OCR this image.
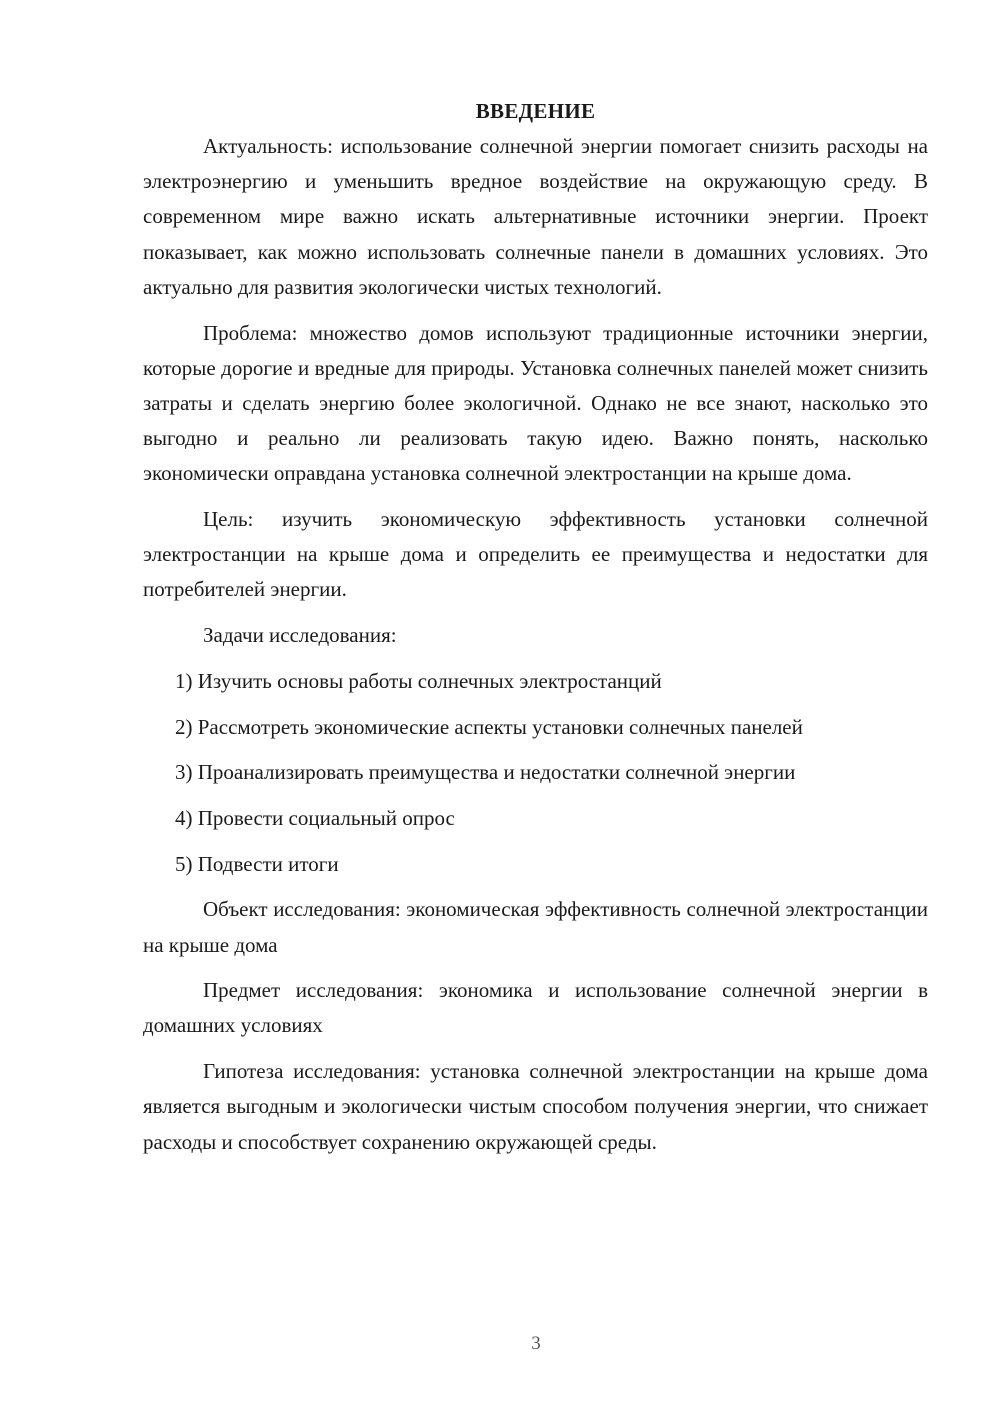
ВВЕДЕНИЕ

Актуальность: использование солнечной энергии помогает снизить расходы на электроэнергию и уменьшить вредное воздействие на окружающую среду. В современном мире важно искать альтернативные источники энергии. Проект показывает, как можно использовать солнечные панели в домашних условиях. Это актуально для развития экологически чистых технологий.

Проблема: множество домов используют традиционные источники энергии, которые дорогие и вредные для природы. Установка солнечных панелей может снизить затраты и сделать энергию более экологичной. Однако не все знают, насколько это выгодно и реально ли реализовать такую идею. Важно понять, насколько экономически оправдана установка солнечной электростанции на крыше дома.

Цель: изучить экономическую эффективность установки солнечной электростанции на крыше дома и определить ее преимущества и недостатки для потребителей энергии.

Задачи исследования:

1) Изучить основы работы солнечных электростанций
2) Рассмотреть экономические аспекты установки солнечных панелей
3) Проанализировать преимущества и недостатки солнечной энергии
4) Провести социальный опрос
5) Подвести итоги

Объект исследования: экономическая эффективность солнечной электростанции на крыше дома

Предмет исследования: экономика и использование солнечной энергии в домашних условиях

Гипотеза исследования: установка солнечной электростанции на крыше дома является выгодным и экологически чистым способом получения энергии, что снижает расходы и способствует сохранению окружающей среды.

3
